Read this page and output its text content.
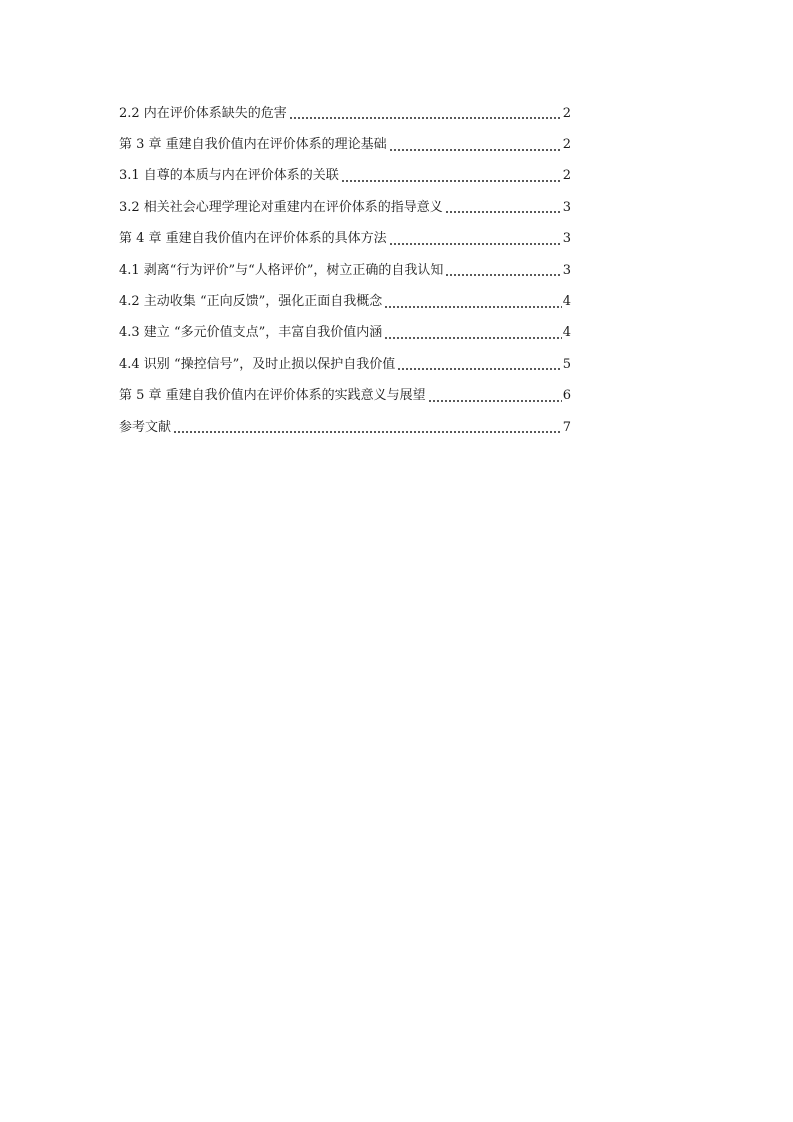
2.2 内在评价体系缺失的危害	2
第 3 章 重建自我价值内在评价体系的理论基础	2
3.1 自尊的本质与内在评价体系的关联	2
3.2 相关社会心理学理论对重建内在评价体系的指导意义	3
第 4 章 重建自我价值内在评价体系的具体方法	3
4.1 剥离“行为评价”与“人格评价”，树立正确的自我认知	3
4.2 主动收集 “正向反馈”，强化正面自我概念	4
4.3 建立 “多元价值支点”，丰富自我价值内涵	4
4.4 识别 “操控信号”，及时止损以保护自我价值	5
第 5 章 重建自我价值内在评价体系的实践意义与展望	6
参考文献	7
